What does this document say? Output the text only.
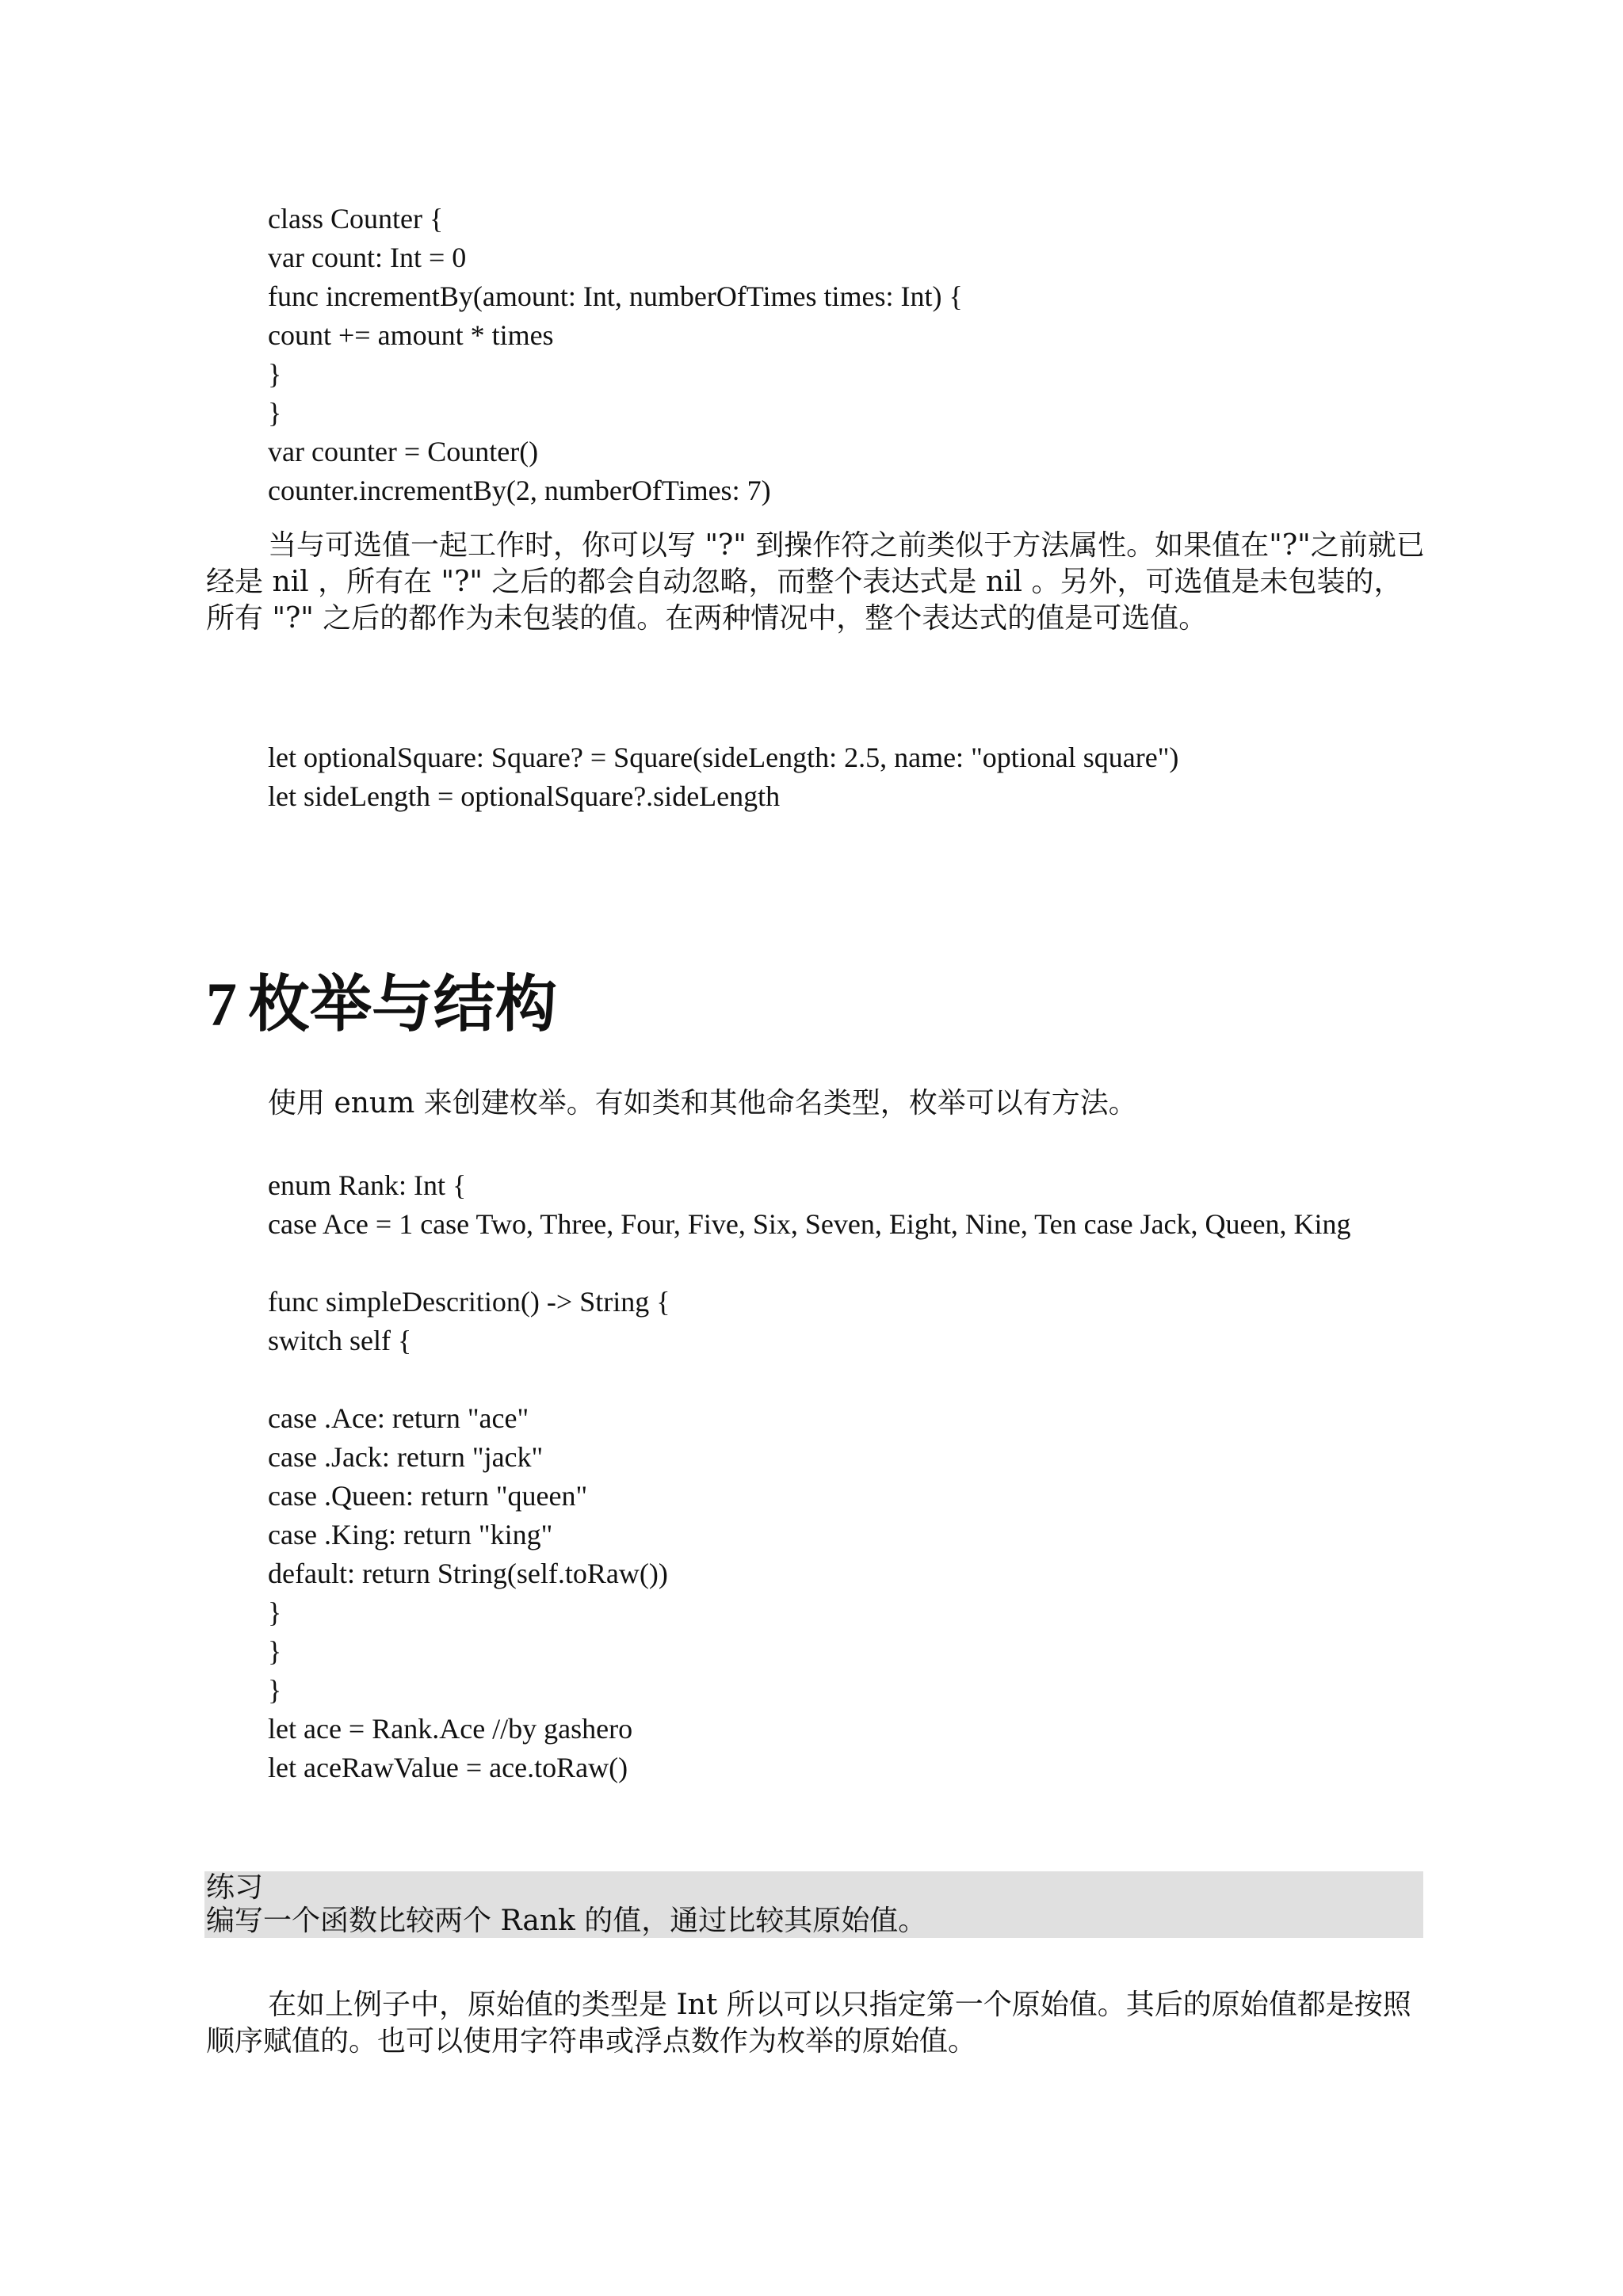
class Counter {
var count: Int = 0
func incrementBy(amount: Int, numberOfTimes times: Int) {
count += amount * times
}
}
var counter = Counter()
counter.incrementBy(2, numberOfTimes: 7)

当与可选值一起工作时，你可以写 "?" 到操作符之前类似于方法属性。如果值在"?"之前就已经是 nil ，所有在 "?" 之后的都会自动忽略，而整个表达式是 nil 。另外，可选值是未包装的，所有 "?" 之后的都作为未包装的值。在两种情况中，整个表达式的值是可选值。

let optionalSquare: Square? = Square(sideLength: 2.5, name: "optional square")
let sideLength = optionalSquare?.sideLength
7 枚举与结构

使用 enum 来创建枚举。有如类和其他命名类型，枚举可以有方法。

enum Rank: Int {
case Ace = 1 case Two, Three, Four, Five, Six, Seven, Eight, Nine, Ten case Jack, Queen, King
func simpleDescrition() -> String {
switch self {
case .Ace: return "ace"
case .Jack: return "jack"
case .Queen: return "queen"
case .King: return "king"
default: return String(self.toRaw())
}
}
}
let ace = Rank.Ace //by gashero
let aceRawValue = ace.toRaw()
练习
编写一个函数比较两个 Rank 的值，通过比较其原始值。

在如上例子中，原始值的类型是 Int 所以可以只指定第一个原始值。其后的原始值都是按照顺序赋值的。也可以使用字符串或浮点数作为枚举的原始值。
